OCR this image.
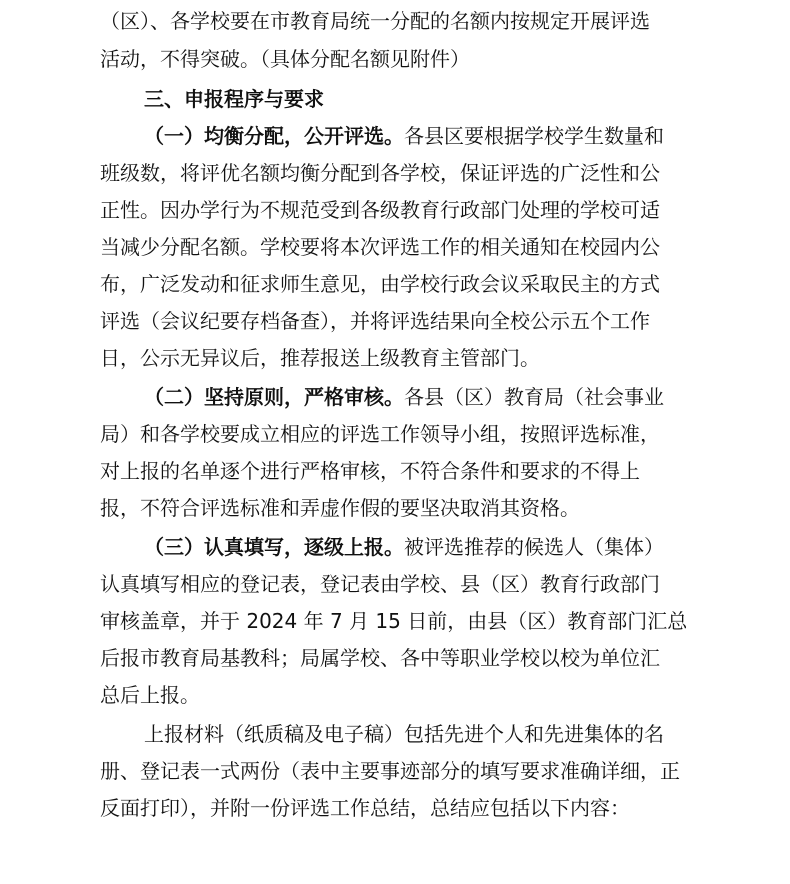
（区）、各学校要在市教育局统一分配的名额内按规定开展评选
活动，不得突破。（具体分配名额见附件）
三、申报程序与要求
（一）均衡分配，公开评选。各县区要根据学校学生数量和
班级数，将评优名额均衡分配到各学校，保证评选的广泛性和公
正性。因办学行为不规范受到各级教育行政部门处理的学校可适
当减少分配名额。学校要将本次评选工作的相关通知在校园内公
布，广泛发动和征求师生意见，由学校行政会议采取民主的方式
评选（会议纪要存档备查），并将评选结果向全校公示五个工作
日，公示无异议后，推荐报送上级教育主管部门。
（二）坚持原则，严格审核。各县（区）教育局（社会事业
局）和各学校要成立相应的评选工作领导小组，按照评选标准，
对上报的名单逐个进行严格审核，不符合条件和要求的不得上
报，不符合评选标准和弄虚作假的要坚决取消其资格。
（三）认真填写，逐级上报。被评选推荐的候选人（集体）
认真填写相应的登记表，登记表由学校、县（区）教育行政部门
审核盖章，并于 2024 年 7 月 15 日前，由县（区）教育部门汇总
后报市教育局基教科；局属学校、各中等职业学校以校为单位汇
总后上报。
上报材料（纸质稿及电子稿）包括先进个人和先进集体的名
册、登记表一式两份（表中主要事迹部分的填写要求准确详细，正
反面打印），并附一份评选工作总结，总结应包括以下内容：
